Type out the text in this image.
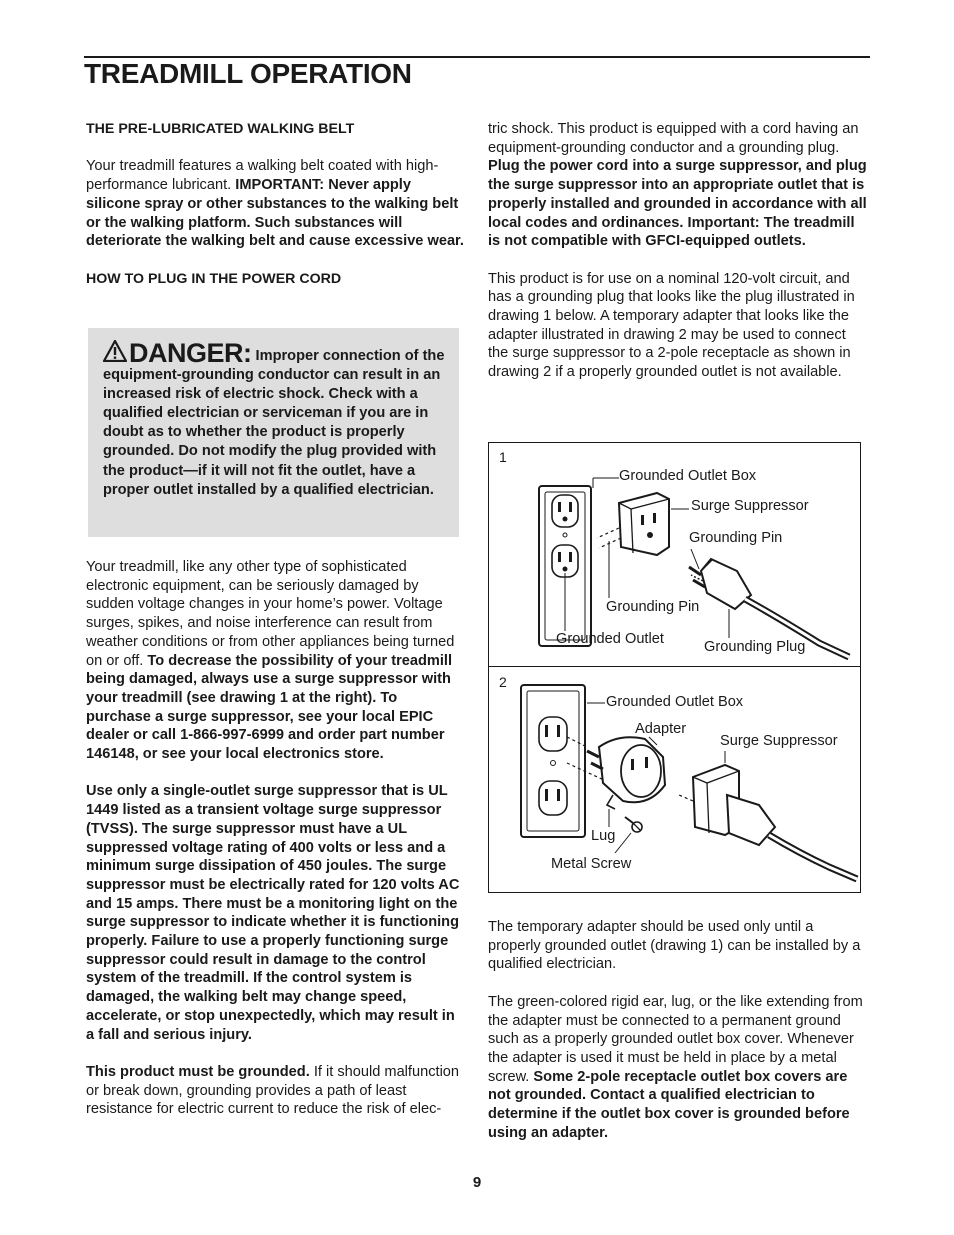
TREADMILL OPERATION

THE PRE-LUBRICATED WALKING BELT

Your treadmill features a walking belt coated with high-performance lubricant. IMPORTANT: Never apply silicone spray or other substances to the walking belt or the walking platform. Such substances will deteriorate the walking belt and cause excessive wear.

HOW TO PLUG IN THE POWER CORD

DANGER: Improper connection of the equipment-grounding conductor can result in an increased risk of electric shock. Check with a qualified electrician or serviceman if you are in doubt as to whether the product is properly grounded. Do not modify the plug provided with the product—if it will not fit the outlet, have a proper outlet installed by a qualified electrician.

Your treadmill, like any other type of sophisticated electronic equipment, can be seriously damaged by sudden voltage changes in your home’s power. Voltage surges, spikes, and noise interference can result from weather conditions or from other appliances being turned on or off. To decrease the possibility of your treadmill being damaged, always use a surge suppressor with your treadmill (see drawing 1 at the right). To purchase a surge suppressor, see your local EPIC dealer or call 1-866-997-6999 and order part number 146148, or see your local electronics store.

Use only a single-outlet surge suppressor that is UL 1449 listed as a transient voltage surge suppressor (TVSS). The surge suppressor must have a UL suppressed voltage rating of 400 volts or less and a minimum surge dissipation of 450 joules. The surge suppressor must be electrically rated for 120 volts AC and 15 amps. There must be a monitoring light on the surge suppressor to indicate whether it is functioning properly. Failure to use a properly functioning surge suppressor could result in damage to the control system of the treadmill. If the control system is damaged, the walking belt may change speed, accelerate, or stop unexpectedly, which may result in a fall and serious injury.

This product must be grounded. If it should malfunction or break down, grounding provides a path of least resistance for electric current to reduce the risk of elec-

tric shock. This product is equipped with a cord having an equipment-grounding conductor and a grounding plug. Plug the power cord into a surge suppressor, and plug the surge suppressor into an appropriate outlet that is properly installed and grounded in accordance with all local codes and ordinances. Important: The treadmill is not compatible with GFCI-equipped outlets.

This product is for use on a nominal 120-volt circuit, and has a grounding plug that looks like the plug illustrated in drawing 1 below. A temporary adapter that looks like the adapter illustrated in drawing 2 may be used to connect the surge suppressor to a 2-pole receptacle as shown in drawing 2 if a properly grounded outlet is not available.

1
Grounded Outlet Box
Surge Suppressor
Grounding Pin
Grounding Pin
Grounded Outlet	Grounding Plug
2
Grounded Outlet Box
Adapter
Surge Suppressor
Lug
Metal Screw

The temporary adapter should be used only until a properly grounded outlet (drawing 1) can be installed by a qualified electrician.

The green-colored rigid ear, lug, or the like extending from the adapter must be connected to a permanent ground such as a properly grounded outlet box cover. Whenever the adapter is used it must be held in place by a metal screw. Some 2-pole receptacle outlet box covers are not grounded. Contact a qualified electrician to determine if the outlet box cover is grounded before using an adapter.

9
